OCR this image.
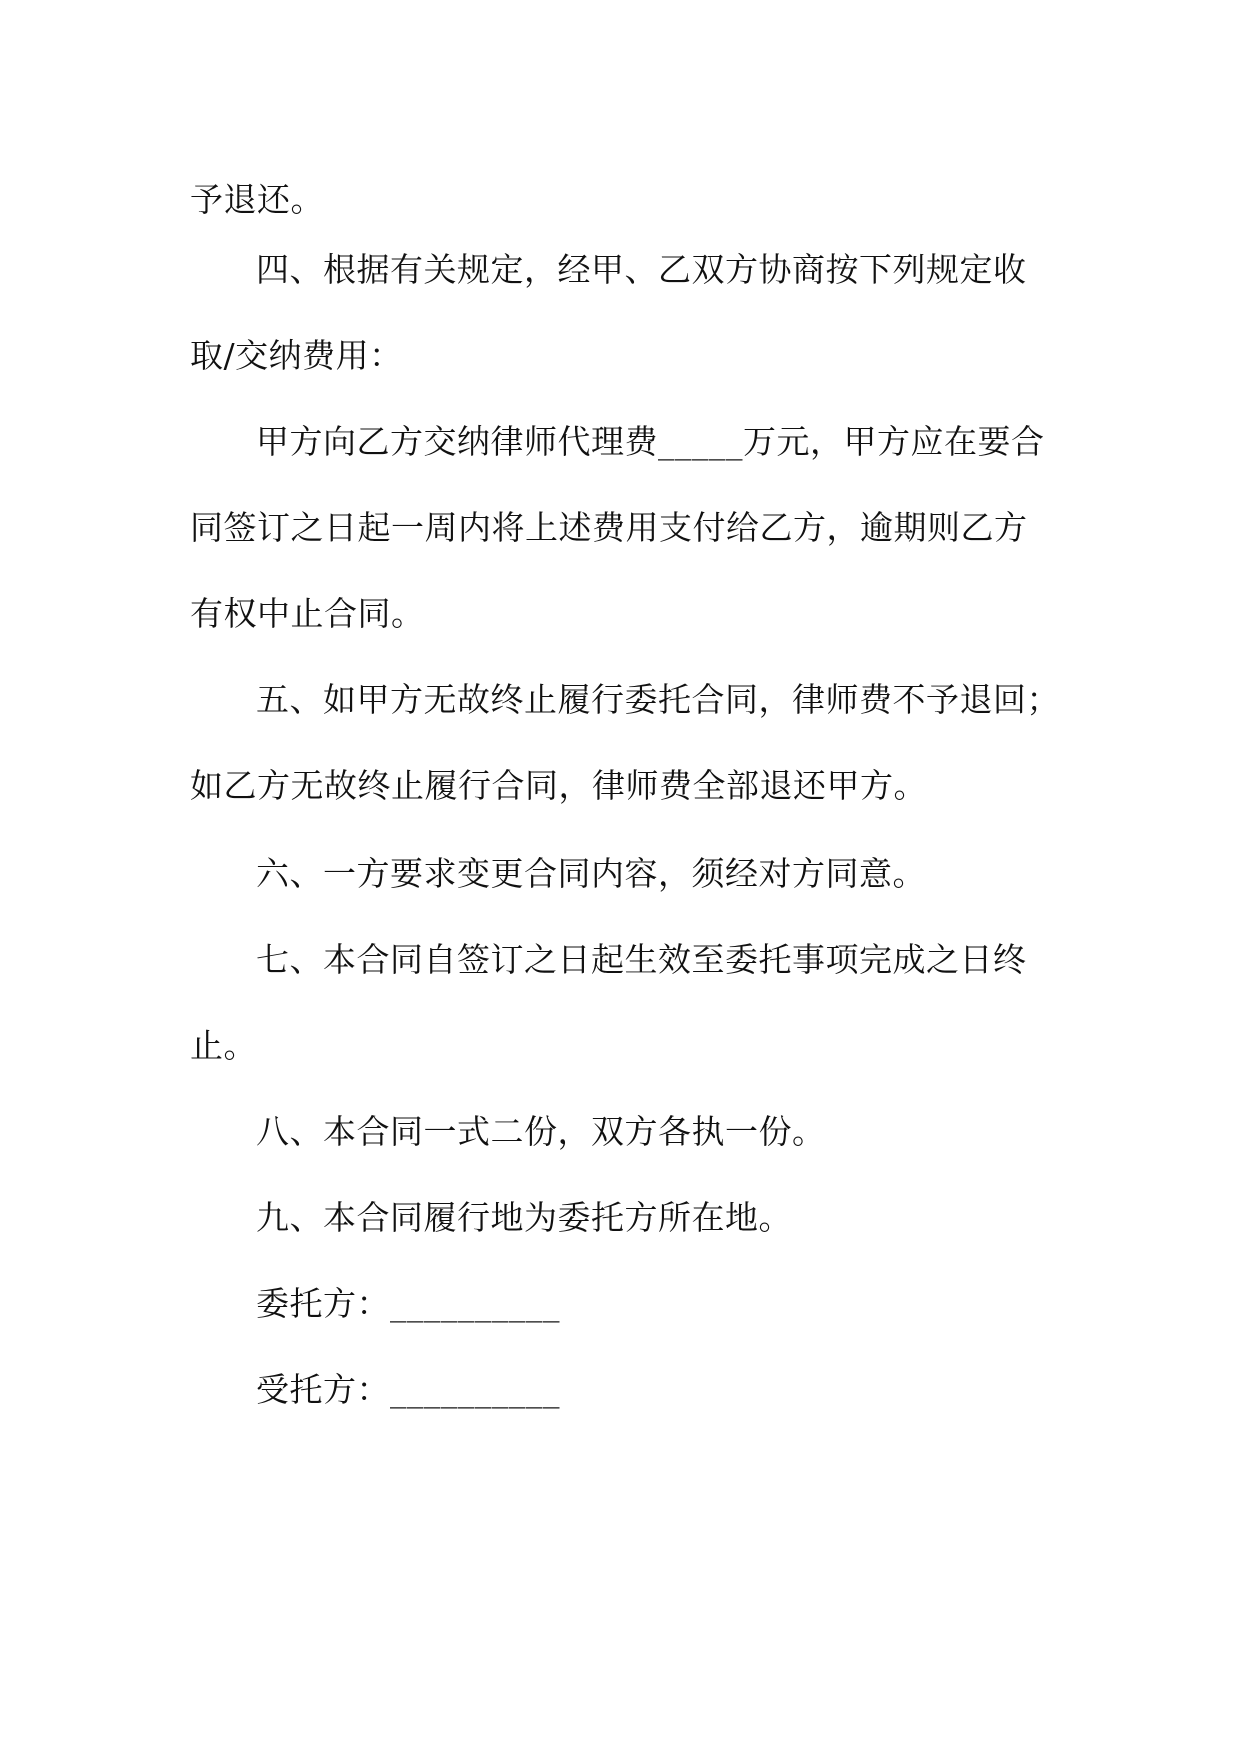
予退还。
四、根据有关规定，经甲、乙双方协商按下列规定收
取/交纳费用：
甲方向乙方交纳律师代理费_____万元，甲方应在要合
同签订之日起一周内将上述费用支付给乙方，逾期则乙方
有权中止合同。
五、如甲方无故终止履行委托合同，律师费不予退回；
如乙方无故终止履行合同，律师费全部退还甲方。
六、一方要求变更合同内容，须经对方同意。
七、本合同自签订之日起生效至委托事项完成之日终
止。
八、本合同一式二份，双方各执一份。
九、本合同履行地为委托方所在地。
委托方：__________
受托方：__________
